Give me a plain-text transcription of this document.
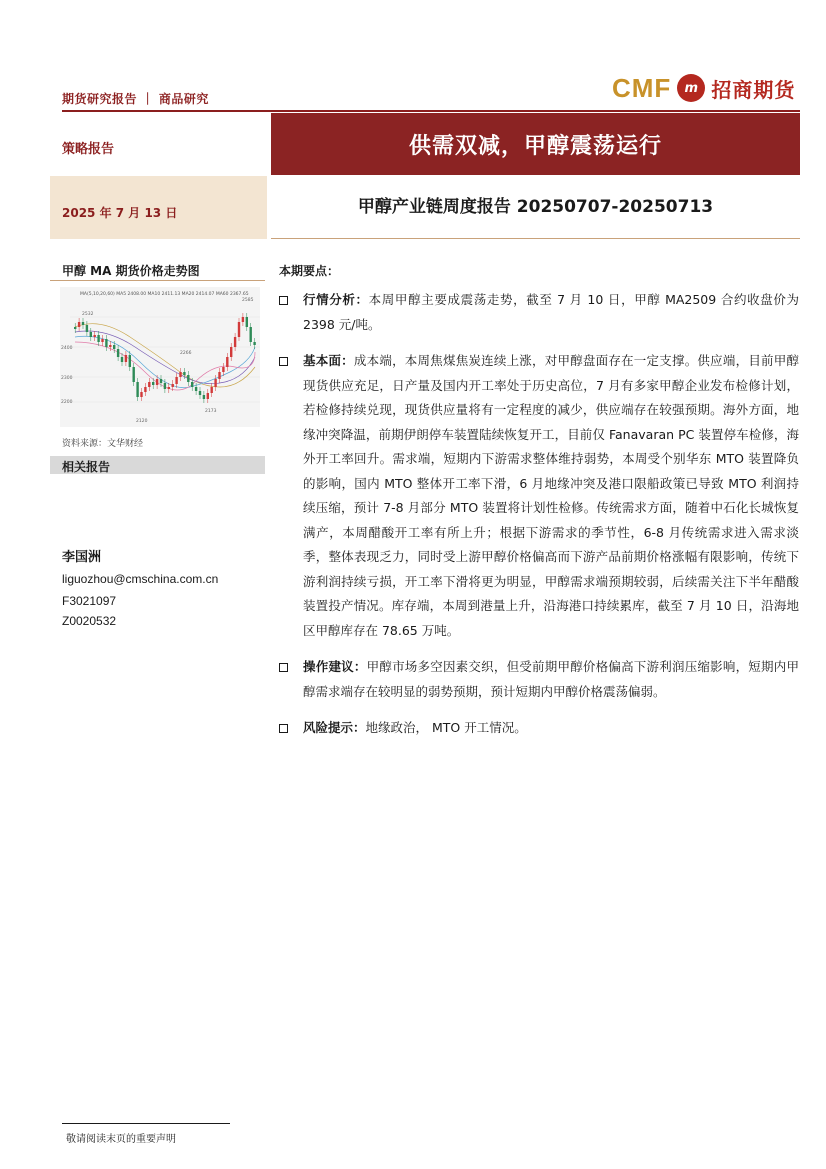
期货研究报告 ｜ 商品研究	CMF	m 招商期货
策略报告	供需双减，甲醇震荡运行
2025 年 7 月 13 日	甲醇产业链周度报告 20250707-20250713
甲醇 MA 期货价格走势图
MA(5,10,20,60) MA5 2408.00 MA10 2411.13 MA20 2414.07 MA60 2367.65
2400
2300
2200
2532
2120
2266
2173
2585
资料来源：文华财经
相关报告
李国洲
liguozhou@cmschina.com.cn
F3021097
Z0020532
本期要点：
行情分析：本周甲醇主要成震荡走势，截至 7 月 10 日，甲醇 MA2509 合约收盘价为 2398 元/吨。
基本面：成本端，本周焦煤焦炭连续上涨，对甲醇盘面存在一定支撑。供应端，目前甲醇现货供应充足，日产量及国内开工率处于历史高位，7 月有多家甲醇企业发布检修计划，若检修持续兑现，现货供应量将有一定程度的减少，供应端存在较强预期。海外方面，地缘冲突降温，前期伊朗停车装置陆续恢复开工，目前仅 Fanavaran PC 装置停车检修，海外开工率回升。需求端，短期内下游需求整体维持弱势，本周受个别华东 MTO 装置降负的影响，国内 MTO 整体开工率下滑，6 月地缘冲突及港口限船政策已导致 MTO 利润持续压缩，预计 7-8 月部分 MTO 装置将计划性检修。传统需求方面，随着中石化长城恢复满产，本周醋酸开工率有所上升；根据下游需求的季节性，6-8 月传统需求进入需求淡季，整体表现乏力，同时受上游甲醇价格偏高而下游产品前期价格涨幅有限影响，传统下游利润持续亏损，开工率下滑将更为明显，甲醇需求端预期较弱，后续需关注下半年醋酸装置投产情况。库存端，本周到港量上升，沿海港口持续累库，截至 7 月 10 日，沿海地区甲醇库存在 78.65 万吨。
操作建议：甲醇市场多空因素交织，但受前期甲醇价格偏高下游利润压缩影响，短期内甲醇需求端存在较明显的弱势预期，预计短期内甲醇价格震荡偏弱。
风险提示：地缘政治， MTO 开工情况。
敬请阅读末页的重要声明
